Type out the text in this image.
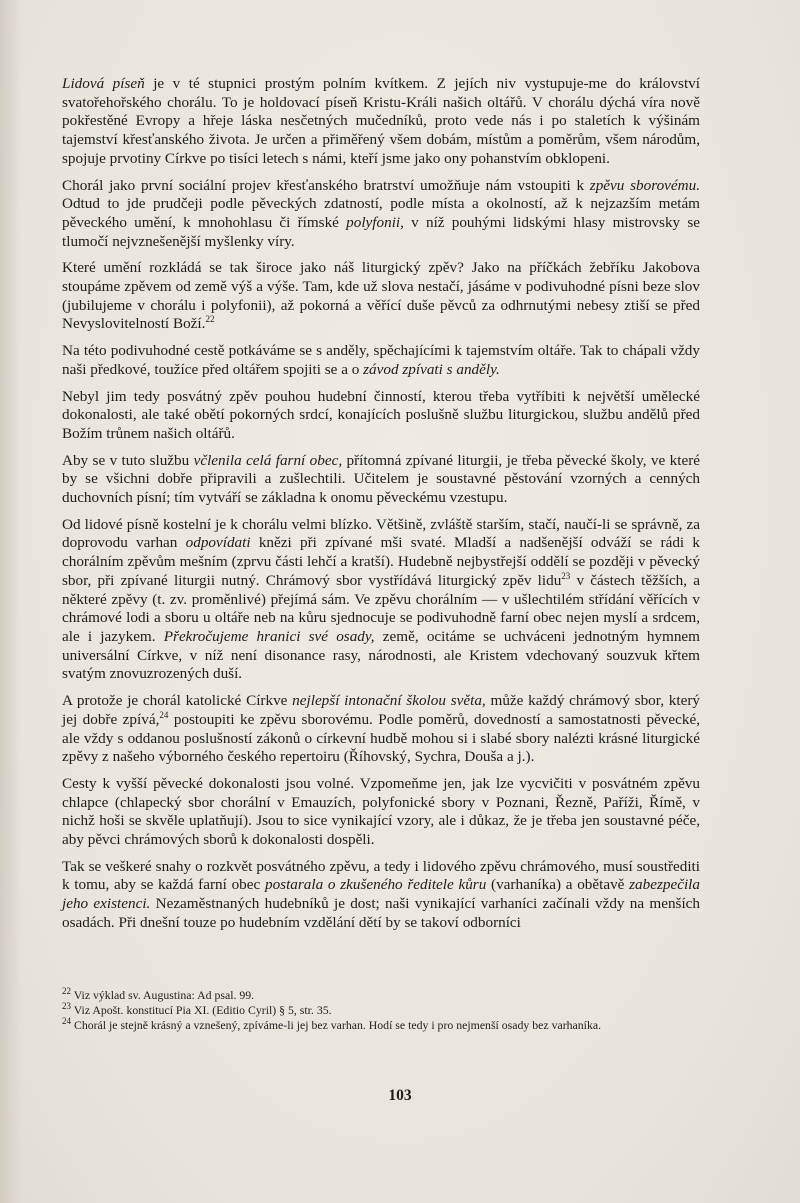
Lidová píseň je v té stupnici prostým polním kvítkem. Z jejích niv vystupuje-me do království svatořehořského chorálu. To je holdovací píseň Kristu-Králi našich oltářů. V chorálu dýchá víra nově pokřestěné Evropy a hřeje láska nesčetných mučedníků, proto vede nás i po staletích k výšinám tajemství křesťanského života. Je určen a přiměřený všem dobám, místům a poměrům, všem národům, spojuje prvotiny Církve po tisíci letech s námi, kteří jsme jako ony pohanstvím obklopeni.

Chorál jako první sociální projev křesťanského bratrství umožňuje nám vstoupiti k zpěvu sborovému. Odtud to jde prudčeji podle pěveckých zdatností, podle místa a okolností, až k nejzazším metám pěveckého umění, k mnohohlasu či římské polyfonii, v níž pouhými lidskými hlasy mistrovsky se tlumočí nejvznešenější myšlenky víry.

Které umění rozkládá se tak široce jako náš liturgický zpěv? Jako na příčkách žebříku Jakobova stoupáme zpěvem od země výš a výše. Tam, kde už slova nestačí, jásáme v podivuhodné písni beze slov (jubilujeme v chorálu i polyfonii), až pokorná a věřící duše pěvců za odhrnutými nebesy ztiší se před Nevyslovitelností Boží.$^{22}$

Na této podivuhodné cestě potkáváme se s anděly, spěchajícími k tajemstvím oltáře. Tak to chápali vždy naši předkové, toužíce před oltářem spojiti se a o závod zpívati s anděly.

Nebyl jim tedy posvátný zpěv pouhou hudební činností, kterou třeba vytříbiti k největší umělecké dokonalosti, ale také obětí pokorných srdcí, konajících poslušně službu liturgickou, službu andělů před Božím trůnem našich oltářů.

Aby se v tuto službu včlenila celá farní obec, přítomná zpívané liturgii, je třeba pěvecké školy, ve které by se všichni dobře připravili a zušlechtili. Učitelem je soustavné pěstování vzorných a cenných duchovních písní; tím vytváří se základna k onomu pěveckému vzestupu.

Od lidové písně kostelní je k chorálu velmi blízko. Většině, zvláště starším, stačí, naučí-li se správně, za doprovodu varhan odpovídati knězi při zpívané mši svaté. Mladší a nadšenější odváží se rádi k chorálním zpěvům mešním (zprvu části lehčí a kratší). Hudebně nejbystřejší oddělí se později v pěvecký sbor, při zpívané liturgii nutný. Chrámový sbor vystřídává liturgický zpěv lidu$^{23}$ v částech těžších, a některé zpěvy (t. zv. proměnlivé) přejímá sám. Ve zpěvu chorálním — v ušlechtilém střídání věřících v chrámové lodi a sboru u oltáře neb na kůru sjednocuje se podivuhodně farní obec nejen myslí a srdcem, ale i jazykem. Překročujeme hranici své osady, země, ocitáme se uchváceni jednotným hymnem universální Církve, v níž není disonance rasy, národnosti, ale Kristem vdechovaný souzvuk křtem svatým znovuzrozených duší.

A protože je chorál katolické Církve nejlepší intonační školou světa, může každý chrámový sbor, který jej dobře zpívá,$^{24}$ postoupiti ke zpěvu sborovému. Podle poměrů, dovedností a samostatnosti pěvecké, ale vždy s oddanou poslušností zákonů o církevní hudbě mohou si i slabé sbory nalézti krásné liturgické zpěvy z našeho výborného českého repertoiru (Říhovský, Sychra, Douša a j.).

Cesty k vyšší pěvecké dokonalosti jsou volné. Vzpomeňme jen, jak lze vycvičiti v posvátném zpěvu chlapce (chlapecký sbor chorální v Emauzích, polyfonické sbory v Poznani, Řezně, Paříži, Římě, v nichž hoši se skvěle uplatňují). Jsou to sice vynikající vzory, ale i důkaz, že je třeba jen soustavné péče, aby pěvci chrámových sborů k dokonalosti dospěli.

Tak se veškeré snahy o rozkvět posvátného zpěvu, a tedy i lidového zpěvu chrámového, musí soustřediti k tomu, aby se každá farní obec postarala o zkušeného ředitele kůru (varhaníka) a obětavě zabezpečila jeho existenci. Nezaměstnaných hudebníků je dost; naši vynikající varhaníci začínali vždy na menších osadách. Při dnešní touze po hudebním vzdělání dětí by se takoví odborníci

$^{22}$ Viz výklad sv. Augustina: Ad psal. 99.
$^{23}$ Viz Apošt. konstitucí Pia XI. (Editio Cyril) § 5, str. 35.
$^{24}$ Chorál je stejně krásný a vznešený, zpíváme-li jej bez varhan. Hodí se tedy i pro nejmenší osady bez varhaníka.
103
